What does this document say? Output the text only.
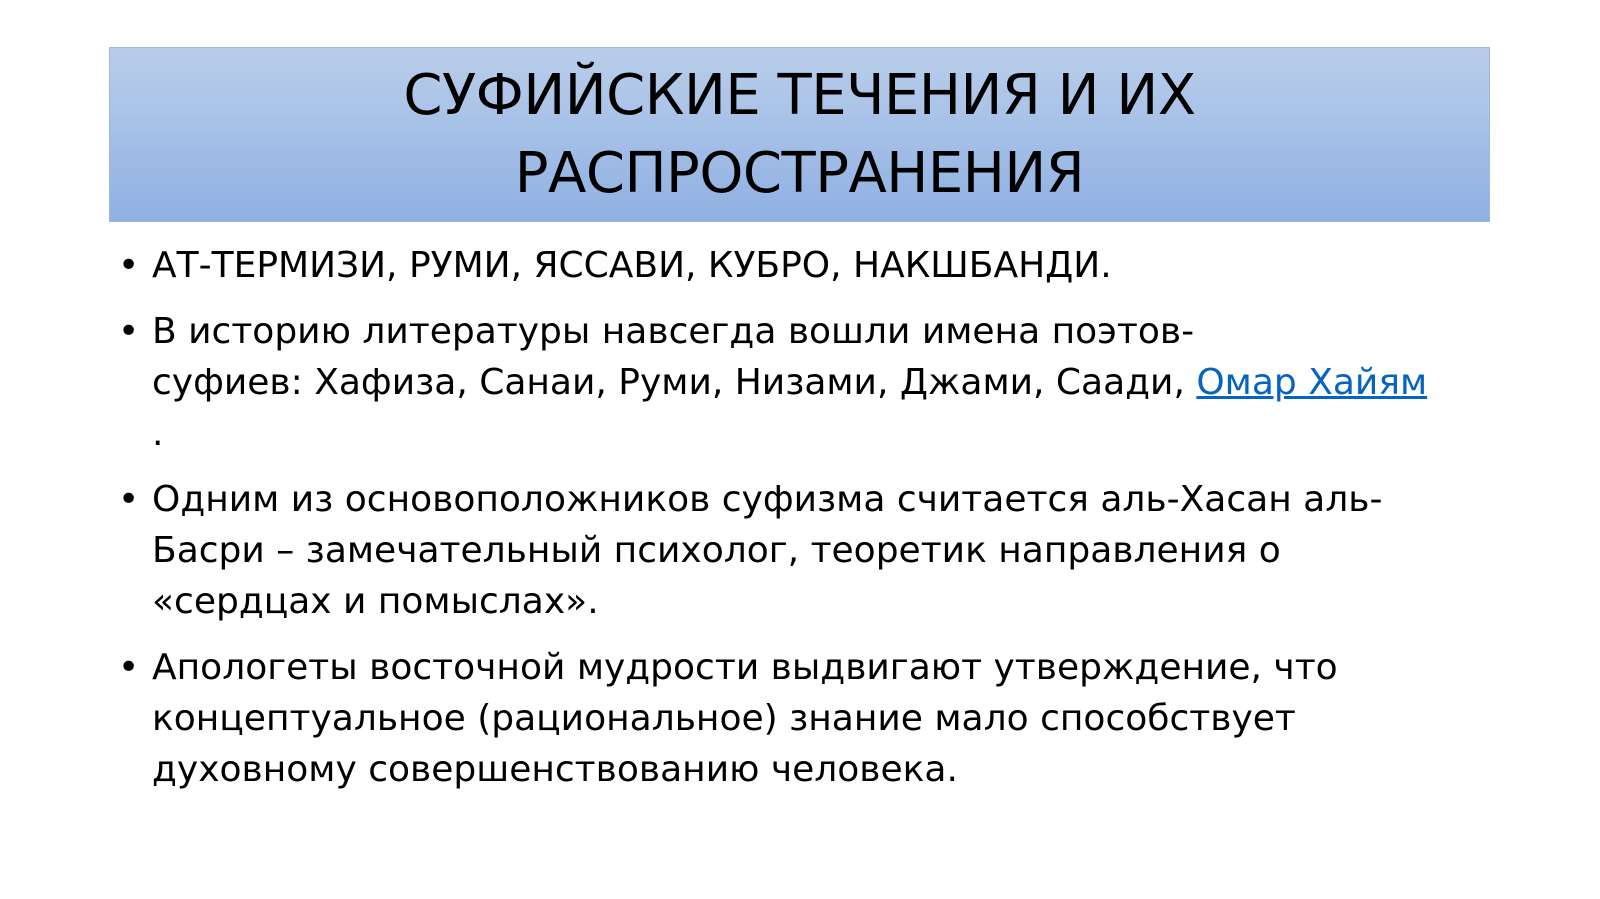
СУФИЙСКИЕ ТЕЧЕНИЯ И ИХ
РАСПРОСТРАНЕНИЯ
• АТ-ТЕРМИЗИ, РУМИ, ЯССАВИ, КУБРО, НАКШБАНДИ.
• В историю литературы навсегда вошли имена поэтов-
суфиев: Хафиза, Санаи, Руми, Низами, Джами, Саади, Омар Хайям
.
• Одним из основоположников суфизма считается аль-Хасан аль-
Басри – замечательный психолог, теоретик направления о
«сердцах и помыслах».
• Апологеты восточной мудрости выдвигают утверждение, что
концептуальное (рациональное) знание мало способствует
духовному совершенствованию человека.
